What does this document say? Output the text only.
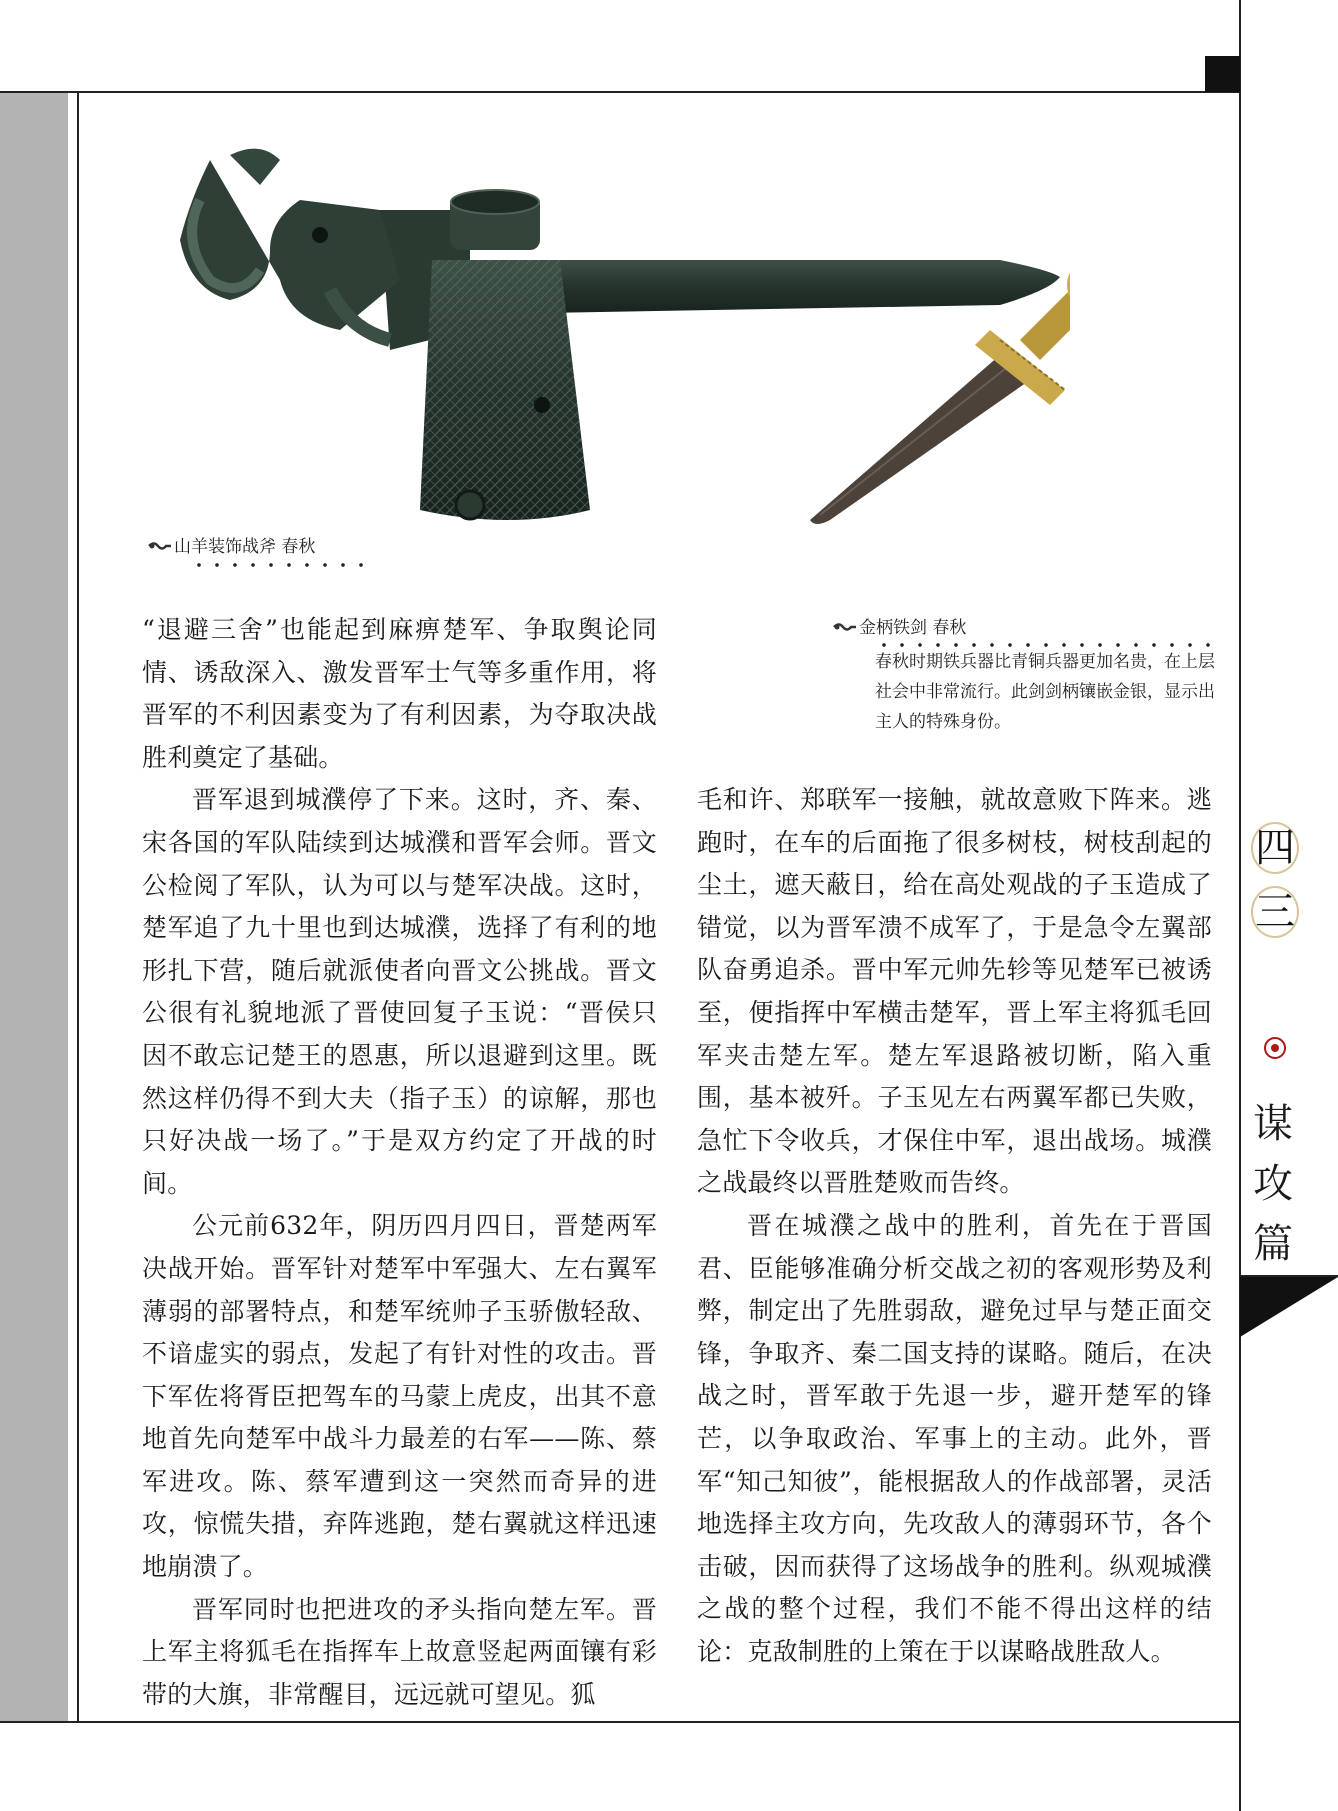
山羊装饰战斧 春秋
金柄铁剑 春秋
春秋时期铁兵器比青铜兵器更加名贵，在上层社会中非常流行。此剑剑柄镶嵌金银，显示出主人的特殊身份。

“退避三舍”也能起到麻痹楚军、争取舆论同情、诱敌深入、激发晋军士气等多重作用，将晋军的不利因素变为了有利因素，为夺取决战胜利奠定了基础。

晋军退到城濮停了下来。这时，齐、秦、宋各国的军队陆续到达城濮和晋军会师。晋文公检阅了军队，认为可以与楚军决战。这时，楚军追了九十里也到达城濮，选择了有利的地形扎下营，随后就派使者向晋文公挑战。晋文公很有礼貌地派了晋使回复子玉说：“晋侯只因不敢忘记楚王的恩惠，所以退避到这里。既然这样仍得不到大夫（指子玉）的谅解，那也只好决战一场了。”于是双方约定了开战的时间。

公元前632年，阴历四月四日，晋楚两军决战开始。晋军针对楚军中军强大、左右翼军薄弱的部署特点，和楚军统帅子玉骄傲轻敌、不谙虚实的弱点，发起了有针对性的攻击。晋下军佐将胥臣把驾车的马蒙上虎皮，出其不意地首先向楚军中战斗力最差的右军——陈、蔡军进攻。陈、蔡军遭到这一突然而奇异的进攻，惊慌失措，弃阵逃跑，楚右翼就这样迅速地崩溃了。

晋军同时也把进攻的矛头指向楚左军。晋上军主将狐毛在指挥车上故意竖起两面镶有彩带的大旗，非常醒目，远远就可望见。狐

毛和许、郑联军一接触，就故意败下阵来。逃跑时，在车的后面拖了很多树枝，树枝刮起的尘土，遮天蔽日，给在高处观战的子玉造成了错觉，以为晋军溃不成军了，于是急令左翼部队奋勇追杀。晋中军元帅先轸等见楚军已被诱至，便指挥中军横击楚军，晋上军主将狐毛回军夹击楚左军。楚左军退路被切断，陷入重围，基本被歼。子玉见左右两翼军都已失败，急忙下令收兵，才保住中军，退出战场。城濮之战最终以晋胜楚败而告终。

晋在城濮之战中的胜利，首先在于晋国君、臣能够准确分析交战之初的客观形势及利弊，制定出了先胜弱敌，避免过早与楚正面交锋，争取齐、秦二国支持的谋略。随后，在决战之时，晋军敢于先退一步，避开楚军的锋芒，以争取政治、军事上的主动。此外，晋军“知己知彼”，能根据敌人的作战部署，灵活地选择主攻方向，先攻敌人的薄弱环节，各个击破，因而获得了这场战争的胜利。纵观城濮之战的整个过程，我们不能不得出这样的结论：克敌制胜的上策在于以谋略战胜敌人。

四
三
谋
攻
篇
